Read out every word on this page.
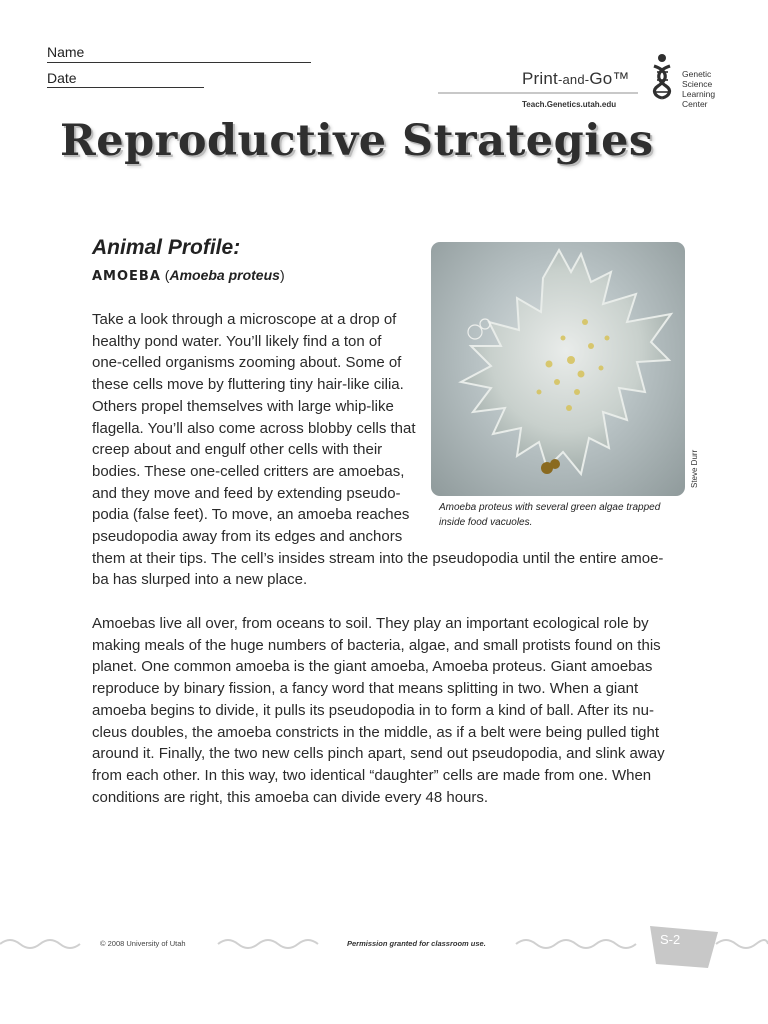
Name
Date	Print-and-Go™
Teach.Genetics.utah.edu
Genetic
Science
Learning
Center
Reproductive Strategies
Animal Profile:
AMOEBA (Amoeba proteus)
Take a look through a microscope at a drop of
healthy pond water. You’ll likely find a ton of
one-celled organisms zooming about. Some of
these cells move by fluttering tiny hair-like cilia.
Others propel themselves with large whip-like
flagella. You’ll also come across blobby cells that
creep about and engulf other cells with their
bodies. These one-celled critters are amoebas,
and they move and feed by extending pseudo-
podia (false feet). To move, an amoeba reaches
pseudopodia away from its edges and anchors
them at their tips. The cell’s insides stream into the pseudopodia until the entire amoe-
ba has slurped into a new place.
Amoebas live all over, from oceans to soil. They play an important ecological role by
making meals of the huge numbers of bacteria, algae, and small protists found on this
planet. One common amoeba is the giant amoeba, Amoeba proteus. Giant amoebas
reproduce by binary fission, a fancy word that means splitting in two. When a giant
amoeba begins to divide, it pulls its pseudopodia in to form a kind of ball. After its nu-
cleus doubles, the amoeba constricts in the middle, as if a belt were being pulled tight
around it. Finally, the two new cells pinch apart, send out pseudopodia, and slink away
from each other. In this way, two identical “daughter” cells are made from one. When
conditions are right, this amoeba can divide every 48 hours.
Amoeba proteus with several green algae trapped
inside food vacuoles.
Steve Durr
© 2008 University of Utah	Permission granted for classroom use.	S-2
